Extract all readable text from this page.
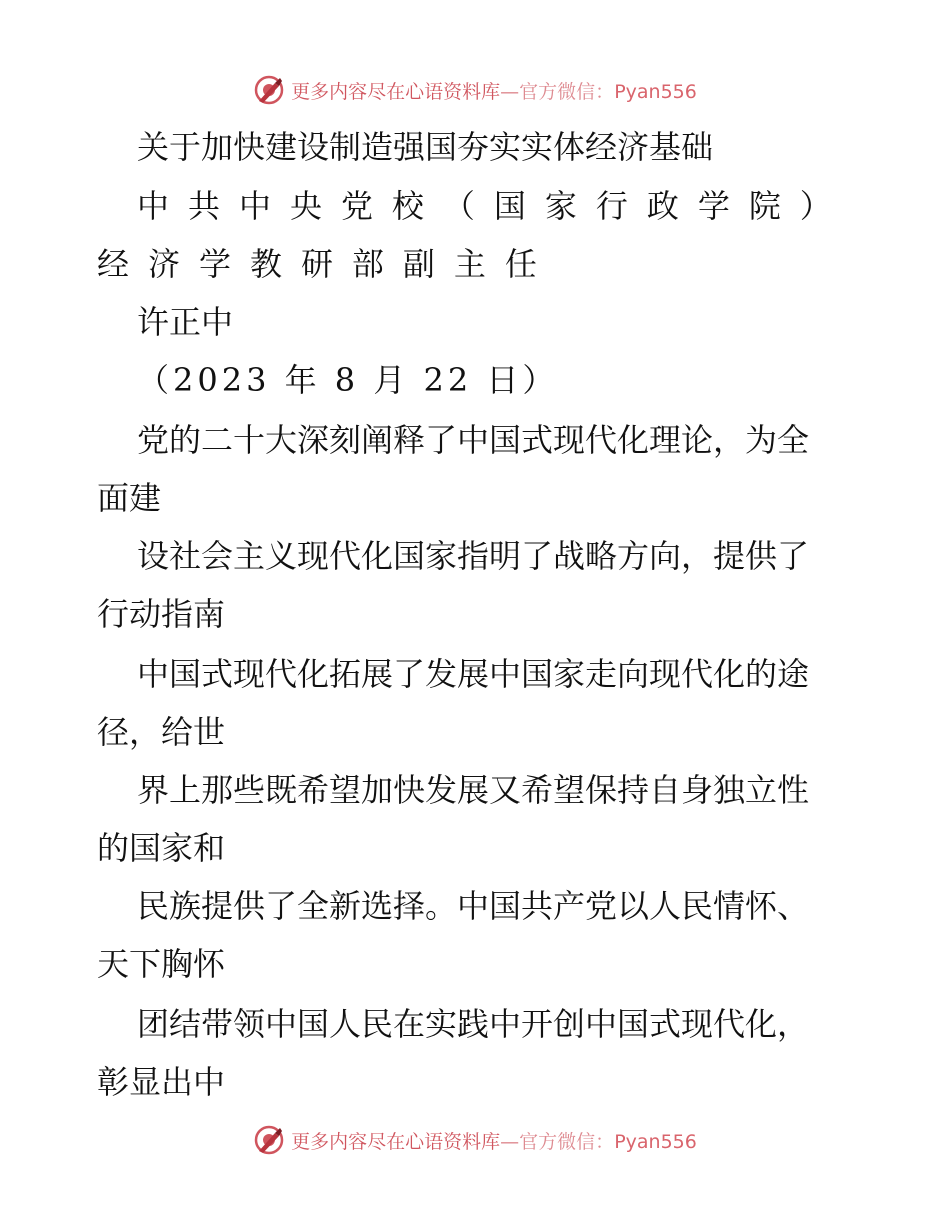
更多内容尽在心语资料库—官方微信：Pyan556
关于加快建设制造强国夯实实体经济基础
中 共 中 央 党 校 （ 国 家 行 政 学 院 ）
经 济 学 教 研 部 副 主 任
许正中
（2023 年 8 月 22 日）
党的二十大深刻阐释了中国式现代化理论，为全
面建
设社会主义现代化国家指明了战略方向，提供了
行动指南
中国式现代化拓展了发展中国家走向现代化的途
径，给世
界上那些既希望加快发展又希望保持自身独立性
的国家和
民族提供了全新选择。中国共产党以人民情怀、
天下胸怀
团结带领中国人民在实践中开创中国式现代化，
彰显出中
更多内容尽在心语资料库—官方微信：Pyan556
